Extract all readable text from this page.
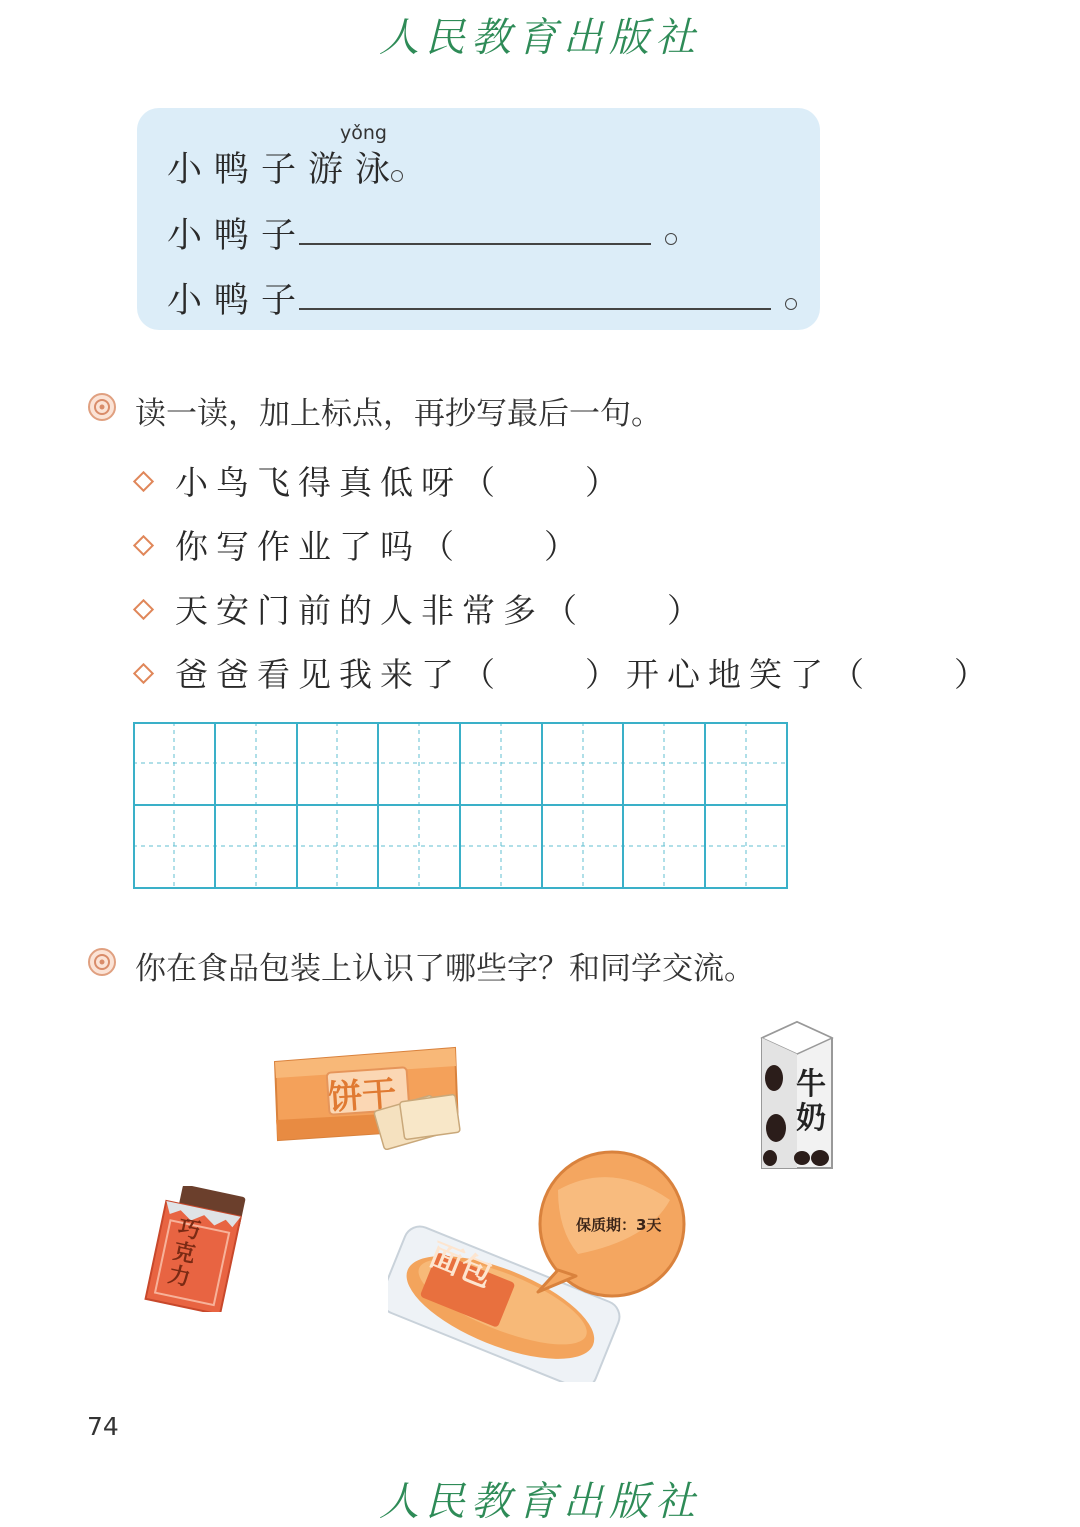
人民教育出版社
yǒng
小鸭子游泳
小鸭子
小鸭子
读一读，加上标点，再抄写最后一句。
小鸟飞得真低呀（　　）
你写作业了吗（　　）
天安门前的人非常多（　　）
爸爸看见我来了（　　）开心地笑了（　　）
你在食品包装上认识了哪些字？和同学交流。
饼干	牛奶
巧克力	面包
保质期：3天
74
人民教育出版社
